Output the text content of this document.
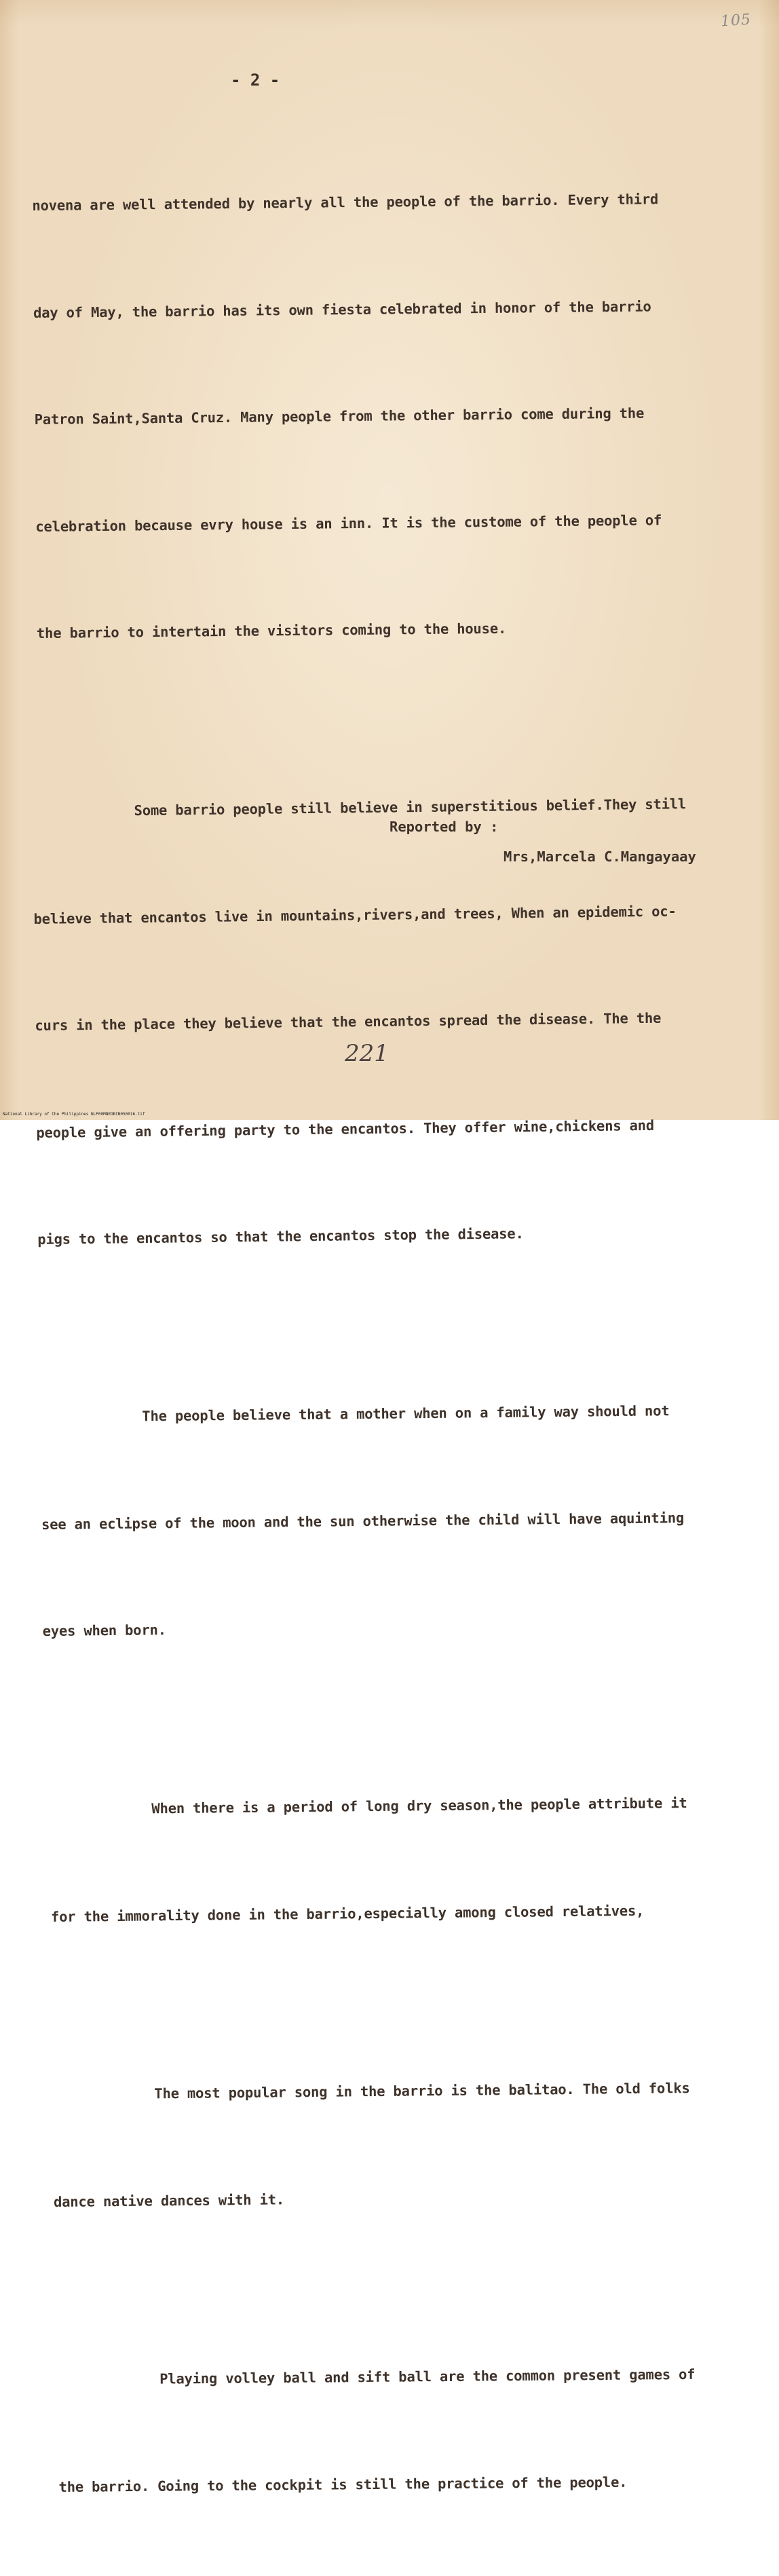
105
- 2 -

novena are well attended by nearly all the people of the barrio. Every third

day of May, the barrio has its own fiesta celebrated in honor of the barrio

Patron Saint,Santa Cruz. Many people from the other barrio come during the

celebration because evry house is an inn. It is the custome of the people of

the barrio to intertain the visitors coming to the house.

Some barrio people still believe in superstitious belief.They still

believe that encantos live in mountains,rivers,and trees, When an epidemic oc-

curs in the place they believe that the encantos spread the disease. The the

people give an offering party to the encantos. They offer wine,chickens and

pigs to the encantos so that the encantos stop the disease.

The people believe that a mother when on a family way should not

see an eclipse of the moon and the sun otherwise the child will have aquinting

eyes when born.

When there is a period of long dry season,the people attribute it

for the immorality done in the barrio,especially among closed relatives,

The most popular song in the barrio is the balitao. The old folks

dance native dances with it.

Playing volley ball and sift ball are the common present games of

the barrio. Going to the cockpit is still the practice of the people.

Reported by :
Mrs,Marcela C.Mangayaay
221
National Library of the Philippines NLP00MNEDBIB050016.tif
